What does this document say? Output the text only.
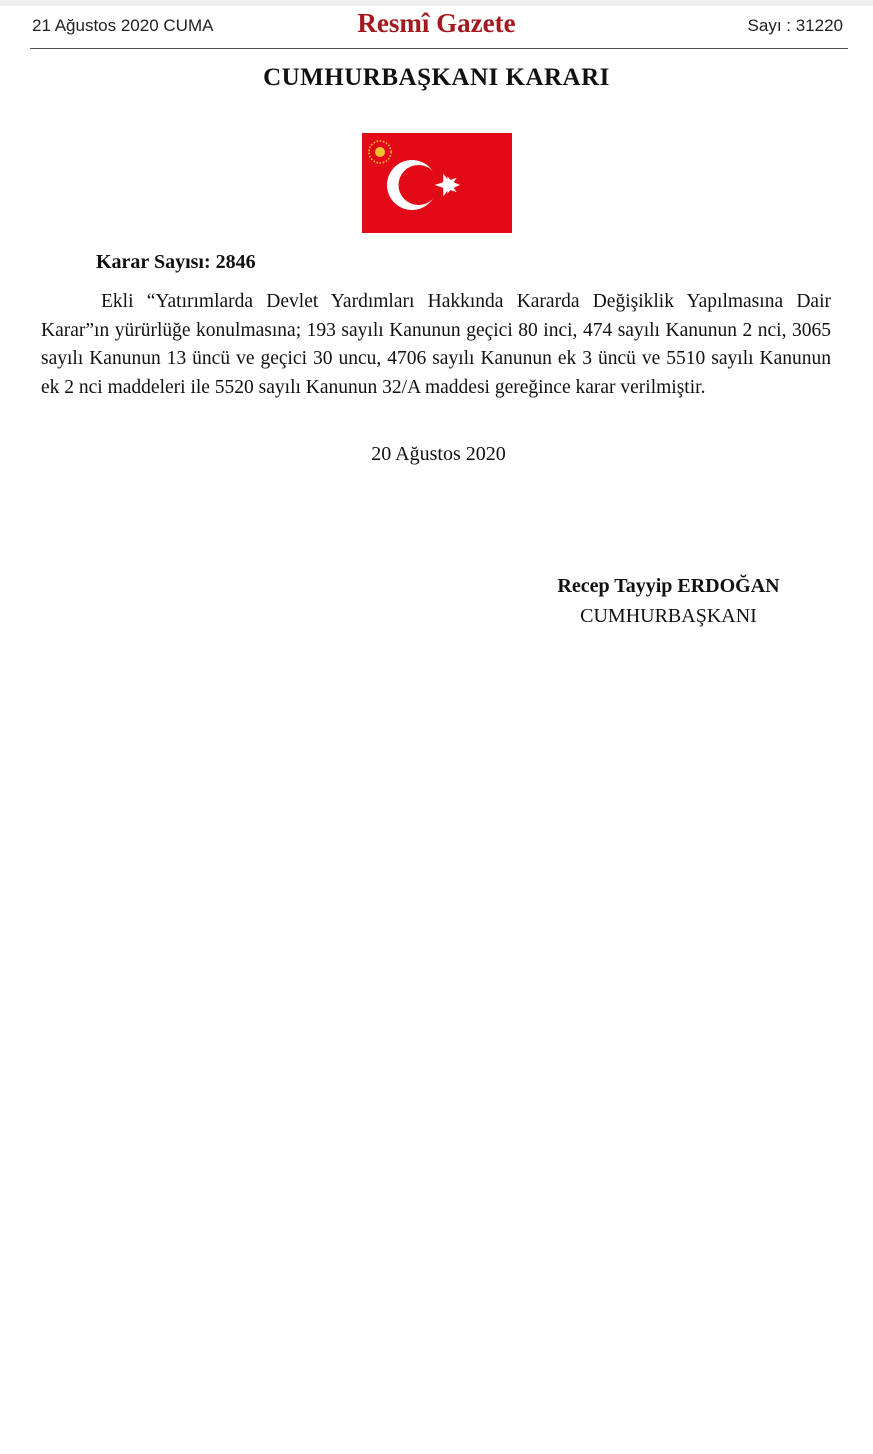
21 Ağustos 2020 CUMA	Resmî Gazete	Sayı : 31220
CUMHURBAŞKANI KARARI
Karar Sayısı: 2846
Ekli “Yatırımlarda Devlet Yardımları Hakkında Kararda Değişiklik Yapılmasına Dair Karar”ın yürürlüğe konulmasına; 193 sayılı Kanunun geçici 80 inci, 474 sayılı Kanunun 2 nci, 3065 sayılı Kanunun 13 üncü ve geçici 30 uncu, 4706 sayılı Kanunun ek 3 üncü ve 5510 sayılı Kanunun ek 2 nci maddeleri ile 5520 sayılı Kanunun 32/A maddesi gereğince karar verilmiştir.
20 Ağustos 2020
Recep Tayyip ERDOĞAN
CUMHURBAŞKANI
